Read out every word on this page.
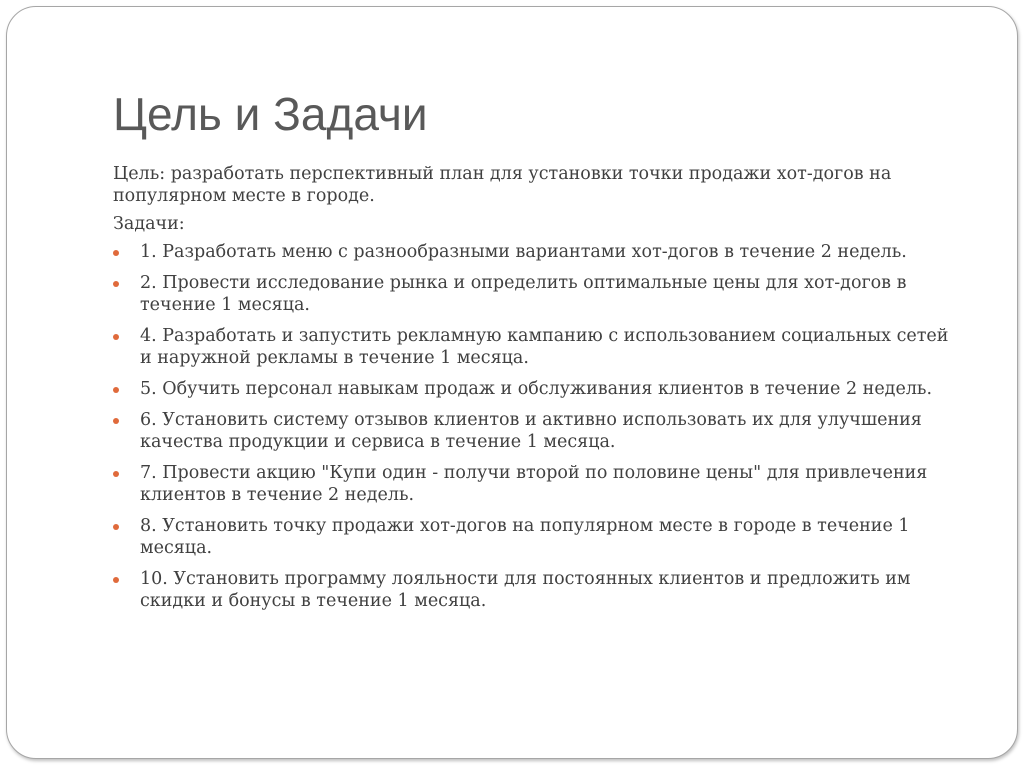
Цель и Задачи

Цель: разработать перспективный план для установки точки продажи хот-догов на популярном месте в городе.

Задачи:

1. Разработать меню с разнообразными вариантами хот-догов в течение 2 недель.
2. Провести исследование рынка и определить оптимальные цены для хот-догов в течение 1 месяца.
4. Разработать и запустить рекламную кампанию с использованием социальных сетей и наружной рекламы в течение 1 месяца.
5. Обучить персонал навыкам продаж и обслуживания клиентов в течение 2 недель.
6. Установить систему отзывов клиентов и активно использовать их для улучшения качества продукции и сервиса в течение 1 месяца.
7. Провести акцию "Купи один - получи второй по половине цены" для привлечения клиентов в течение 2 недель.
8. Установить точку продажи хот-догов на популярном месте в городе в течение 1 месяца.
10. Установить программу лояльности для постоянных клиентов и предложить им скидки и бонусы в течение 1 месяца.
